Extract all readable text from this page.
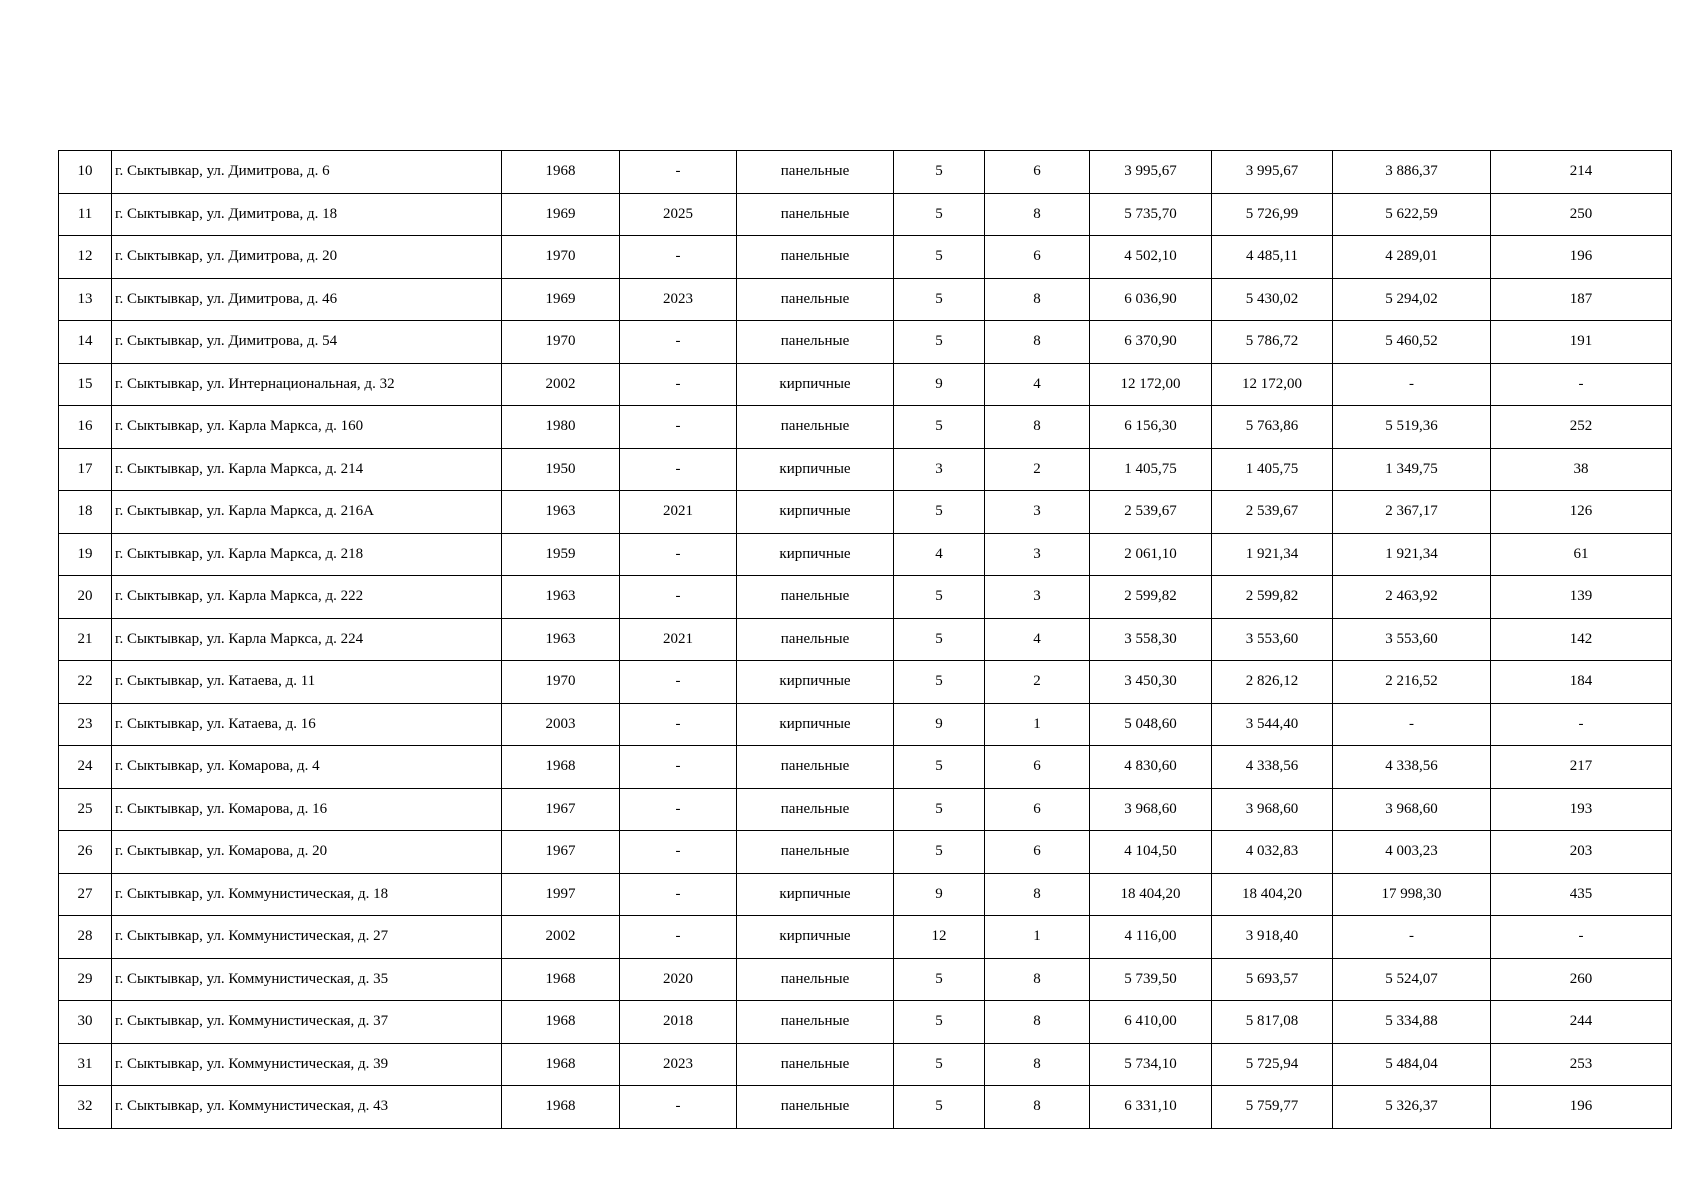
10	г. Сыктывкар, ул. Димитрова, д. 6	1968	-	панельные	5	6	3 995,67	3 995,67	3 886,37	214
11	г. Сыктывкар, ул. Димитрова, д. 18	1969	2025	панельные	5	8	5 735,70	5 726,99	5 622,59	250
12	г. Сыктывкар, ул. Димитрова, д. 20	1970	-	панельные	5	6	4 502,10	4 485,11	4 289,01	196
13	г. Сыктывкар, ул. Димитрова, д. 46	1969	2023	панельные	5	8	6 036,90	5 430,02	5 294,02	187
14	г. Сыктывкар, ул. Димитрова, д. 54	1970	-	панельные	5	8	6 370,90	5 786,72	5 460,52	191
15	г. Сыктывкар, ул. Интернациональная, д. 32	2002	-	кирпичные	9	4	12 172,00	12 172,00	-	-
16	г. Сыктывкар, ул. Карла Маркса, д. 160	1980	-	панельные	5	8	6 156,30	5 763,86	5 519,36	252
17	г. Сыктывкар, ул. Карла Маркса, д. 214	1950	-	кирпичные	3	2	1 405,75	1 405,75	1 349,75	38
18	г. Сыктывкар, ул. Карла Маркса, д. 216А	1963	2021	кирпичные	5	3	2 539,67	2 539,67	2 367,17	126
19	г. Сыктывкар, ул. Карла Маркса, д. 218	1959	-	кирпичные	4	3	2 061,10	1 921,34	1 921,34	61
20	г. Сыктывкар, ул. Карла Маркса, д. 222	1963	-	панельные	5	3	2 599,82	2 599,82	2 463,92	139
21	г. Сыктывкар, ул. Карла Маркса, д. 224	1963	2021	панельные	5	4	3 558,30	3 553,60	3 553,60	142
22	г. Сыктывкар, ул. Катаева, д. 11	1970	-	кирпичные	5	2	3 450,30	2 826,12	2 216,52	184
23	г. Сыктывкар, ул. Катаева, д. 16	2003	-	кирпичные	9	1	5 048,60	3 544,40	-	-
24	г. Сыктывкар, ул. Комарова, д. 4	1968	-	панельные	5	6	4 830,60	4 338,56	4 338,56	217
25	г. Сыктывкар, ул. Комарова, д. 16	1967	-	панельные	5	6	3 968,60	3 968,60	3 968,60	193
26	г. Сыктывкар, ул. Комарова, д. 20	1967	-	панельные	5	6	4 104,50	4 032,83	4 003,23	203
27	г. Сыктывкар, ул. Коммунистическая, д. 18	1997	-	кирпичные	9	8	18 404,20	18 404,20	17 998,30	435
28	г. Сыктывкар, ул. Коммунистическая, д. 27	2002	-	кирпичные	12	1	4 116,00	3 918,40	-	-
29	г. Сыктывкар, ул. Коммунистическая, д. 35	1968	2020	панельные	5	8	5 739,50	5 693,57	5 524,07	260
30	г. Сыктывкар, ул. Коммунистическая, д. 37	1968	2018	панельные	5	8	6 410,00	5 817,08	5 334,88	244
31	г. Сыктывкар, ул. Коммунистическая, д. 39	1968	2023	панельные	5	8	5 734,10	5 725,94	5 484,04	253
32	г. Сыктывкар, ул. Коммунистическая, д. 43	1968	-	панельные	5	8	6 331,10	5 759,77	5 326,37	196
